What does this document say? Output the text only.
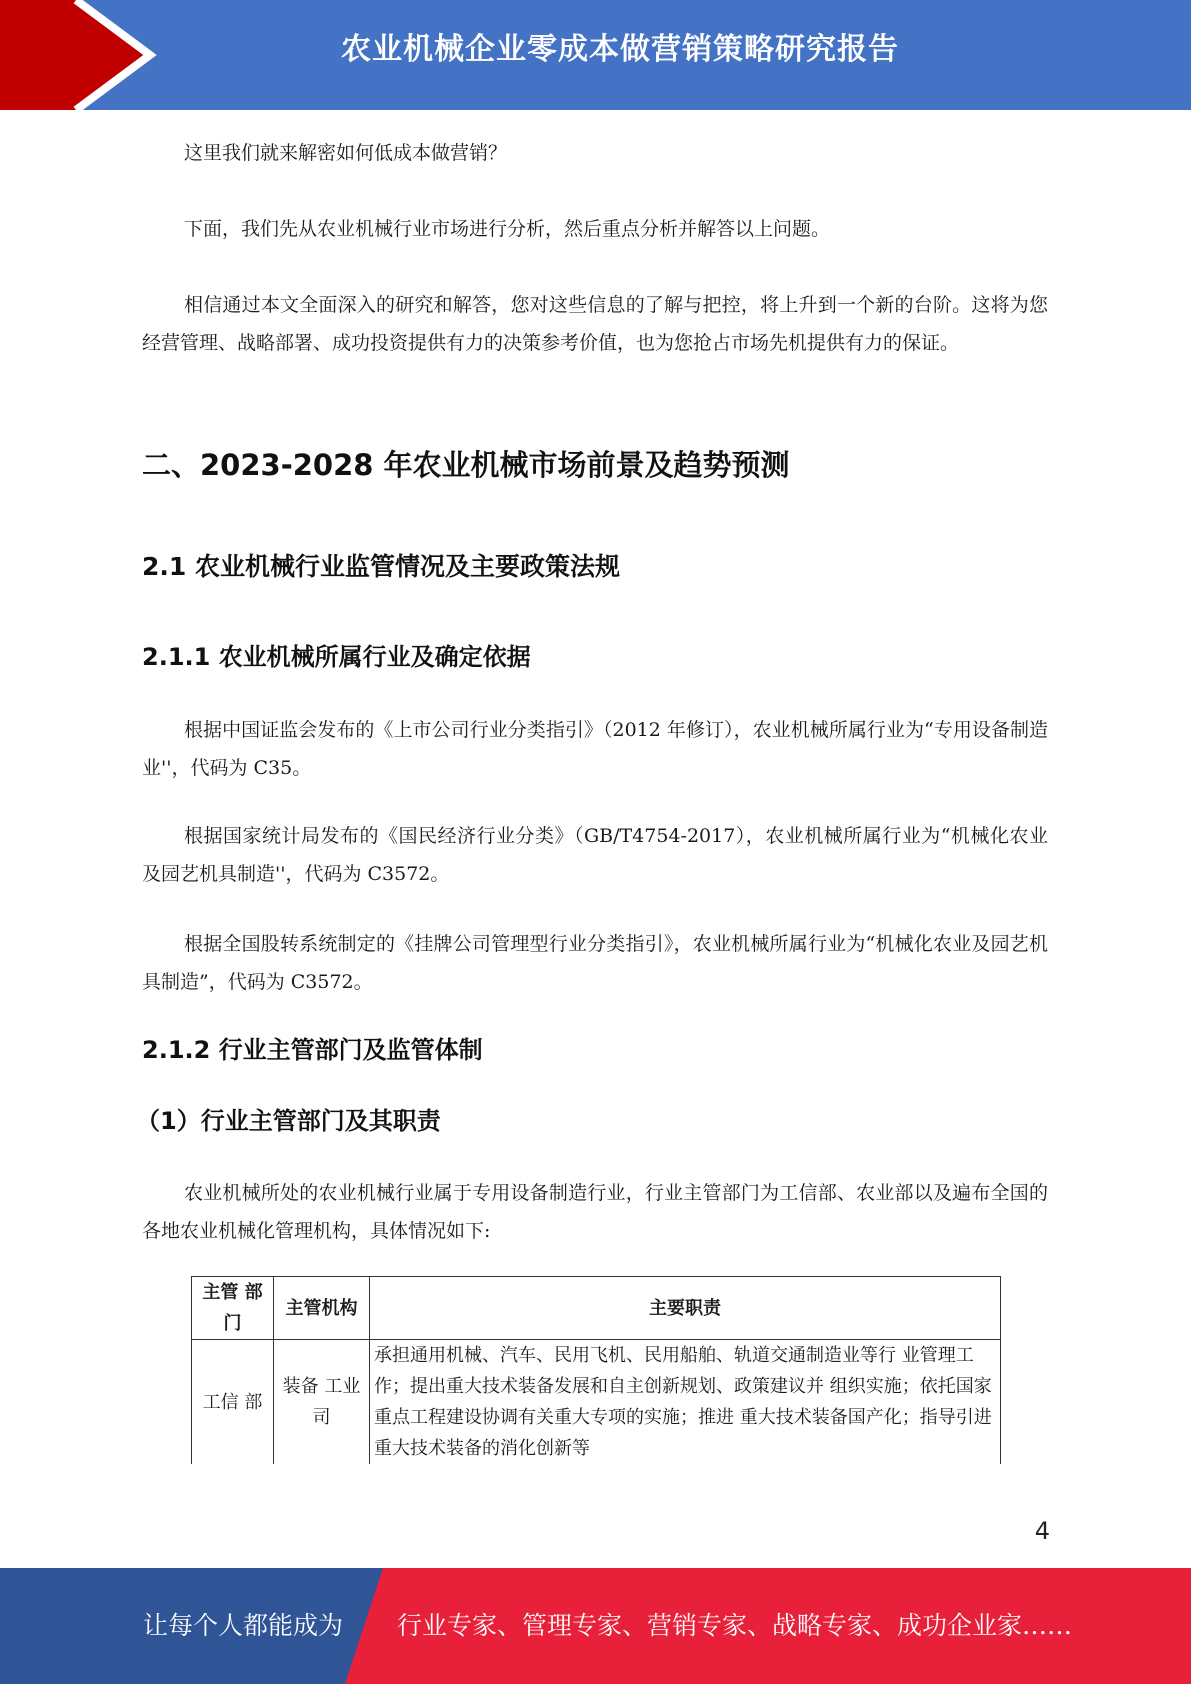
农业机械企业零成本做营销策略研究报告

这里我们就来解密如何低成本做营销？

下面，我们先从农业机械行业市场进行分析，然后重点分析并解答以上问题。

相信通过本文全面深入的研究和解答，您对这些信息的了解与把控，将上升到一个新的台阶。这将为您经营管理、战略部署、成功投资提供有力的决策参考价值，也为您抢占市场先机提供有力的保证。

二、2023-2028 年农业机械市场前景及趋势预测
2.1 农业机械行业监管情况及主要政策法规
2.1.1 农业机械所属行业及确定依据

根据中国证监会发布的《上市公司行业分类指引》（2012 年修订），农业机械所属行业为“专用设备制造业''，代码为 C35。

根据国家统计局发布的《国民经济行业分类》（GB/T4754-2017），农业机械所属行业为“机械化农业及园艺机具制造''，代码为 C3572。

根据全国股转系统制定的《挂牌公司管理型行业分类指引》，农业机械所属行业为“机械化农业及园艺机具制造”，代码为 C3572。

2.1.2 行业主管部门及监管体制
（1）行业主管部门及其职责

农业机械所处的农业机械行业属于专用设备制造行业，行业主管部门为工信部、农业部以及遍布全国的各地农业机械化管理机构，具体情况如下:

主管 部门	主管机构	主要职责
工信 部	装备 工业司	承担通用机械、汽车、民用飞机、民用船舶、轨道交通制造业等行 业管理工作；提出重大技术装备发展和自主创新规划、政策建议并 组织实施；依托国家重点工程建设协调有关重大专项的实施；推进 重大技术装备国产化；指导引进重大技术装备的消化创新等
4
让每个人都能成为 行业专家、管理专家、营销专家、战略专家、成功企业家……
